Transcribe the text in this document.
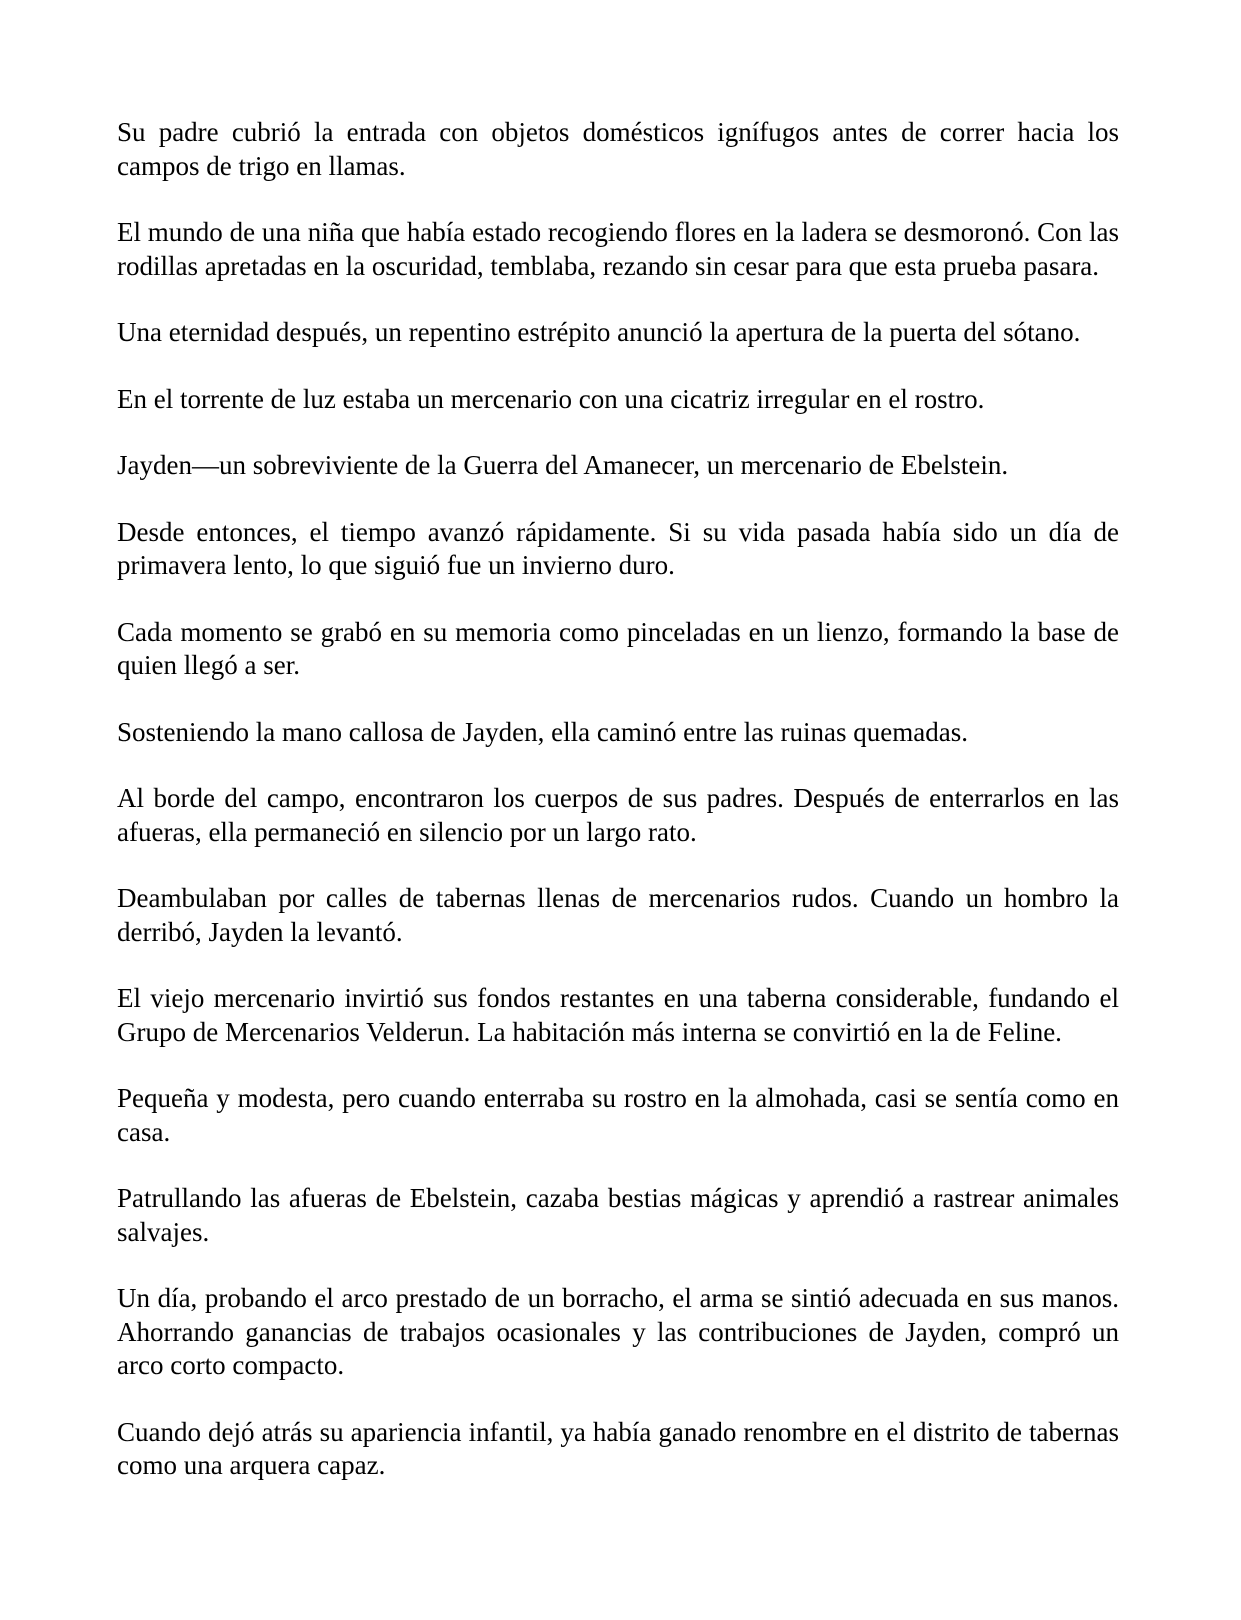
Su padre cubrió la entrada con objetos domésticos ignífugos antes de correr hacia los campos de trigo en llamas.

El mundo de una niña que había estado recogiendo flores en la ladera se desmoronó. Con las rodillas apretadas en la oscuridad, temblaba, rezando sin cesar para que esta prueba pasara.

Una eternidad después, un repentino estrépito anunció la apertura de la puerta del sótano.

En el torrente de luz estaba un mercenario con una cicatriz irregular en el rostro.

Jayden—un sobreviviente de la Guerra del Amanecer, un mercenario de Ebelstein.

Desde entonces, el tiempo avanzó rápidamente. Si su vida pasada había sido un día de primavera lento, lo que siguió fue un invierno duro.

Cada momento se grabó en su memoria como pinceladas en un lienzo, formando la base de quien llegó a ser.

Sosteniendo la mano callosa de Jayden, ella caminó entre las ruinas quemadas.

Al borde del campo, encontraron los cuerpos de sus padres. Después de enterrarlos en las afueras, ella permaneció en silencio por un largo rato.

Deambulaban por calles de tabernas llenas de mercenarios rudos. Cuando un hombro la derribó, Jayden la levantó.

El viejo mercenario invirtió sus fondos restantes en una taberna considerable, fundando el Grupo de Mercenarios Velderun. La habitación más interna se convirtió en la de Feline.

Pequeña y modesta, pero cuando enterraba su rostro en la almohada, casi se sentía como en casa.

Patrullando las afueras de Ebelstein, cazaba bestias mágicas y aprendió a rastrear animales salvajes.

Un día, probando el arco prestado de un borracho, el arma se sintió adecuada en sus manos. Ahorrando ganancias de trabajos ocasionales y las contribuciones de Jayden, compró un arco corto compacto.

Cuando dejó atrás su apariencia infantil, ya había ganado renombre en el distrito de tabernas como una arquera capaz.
